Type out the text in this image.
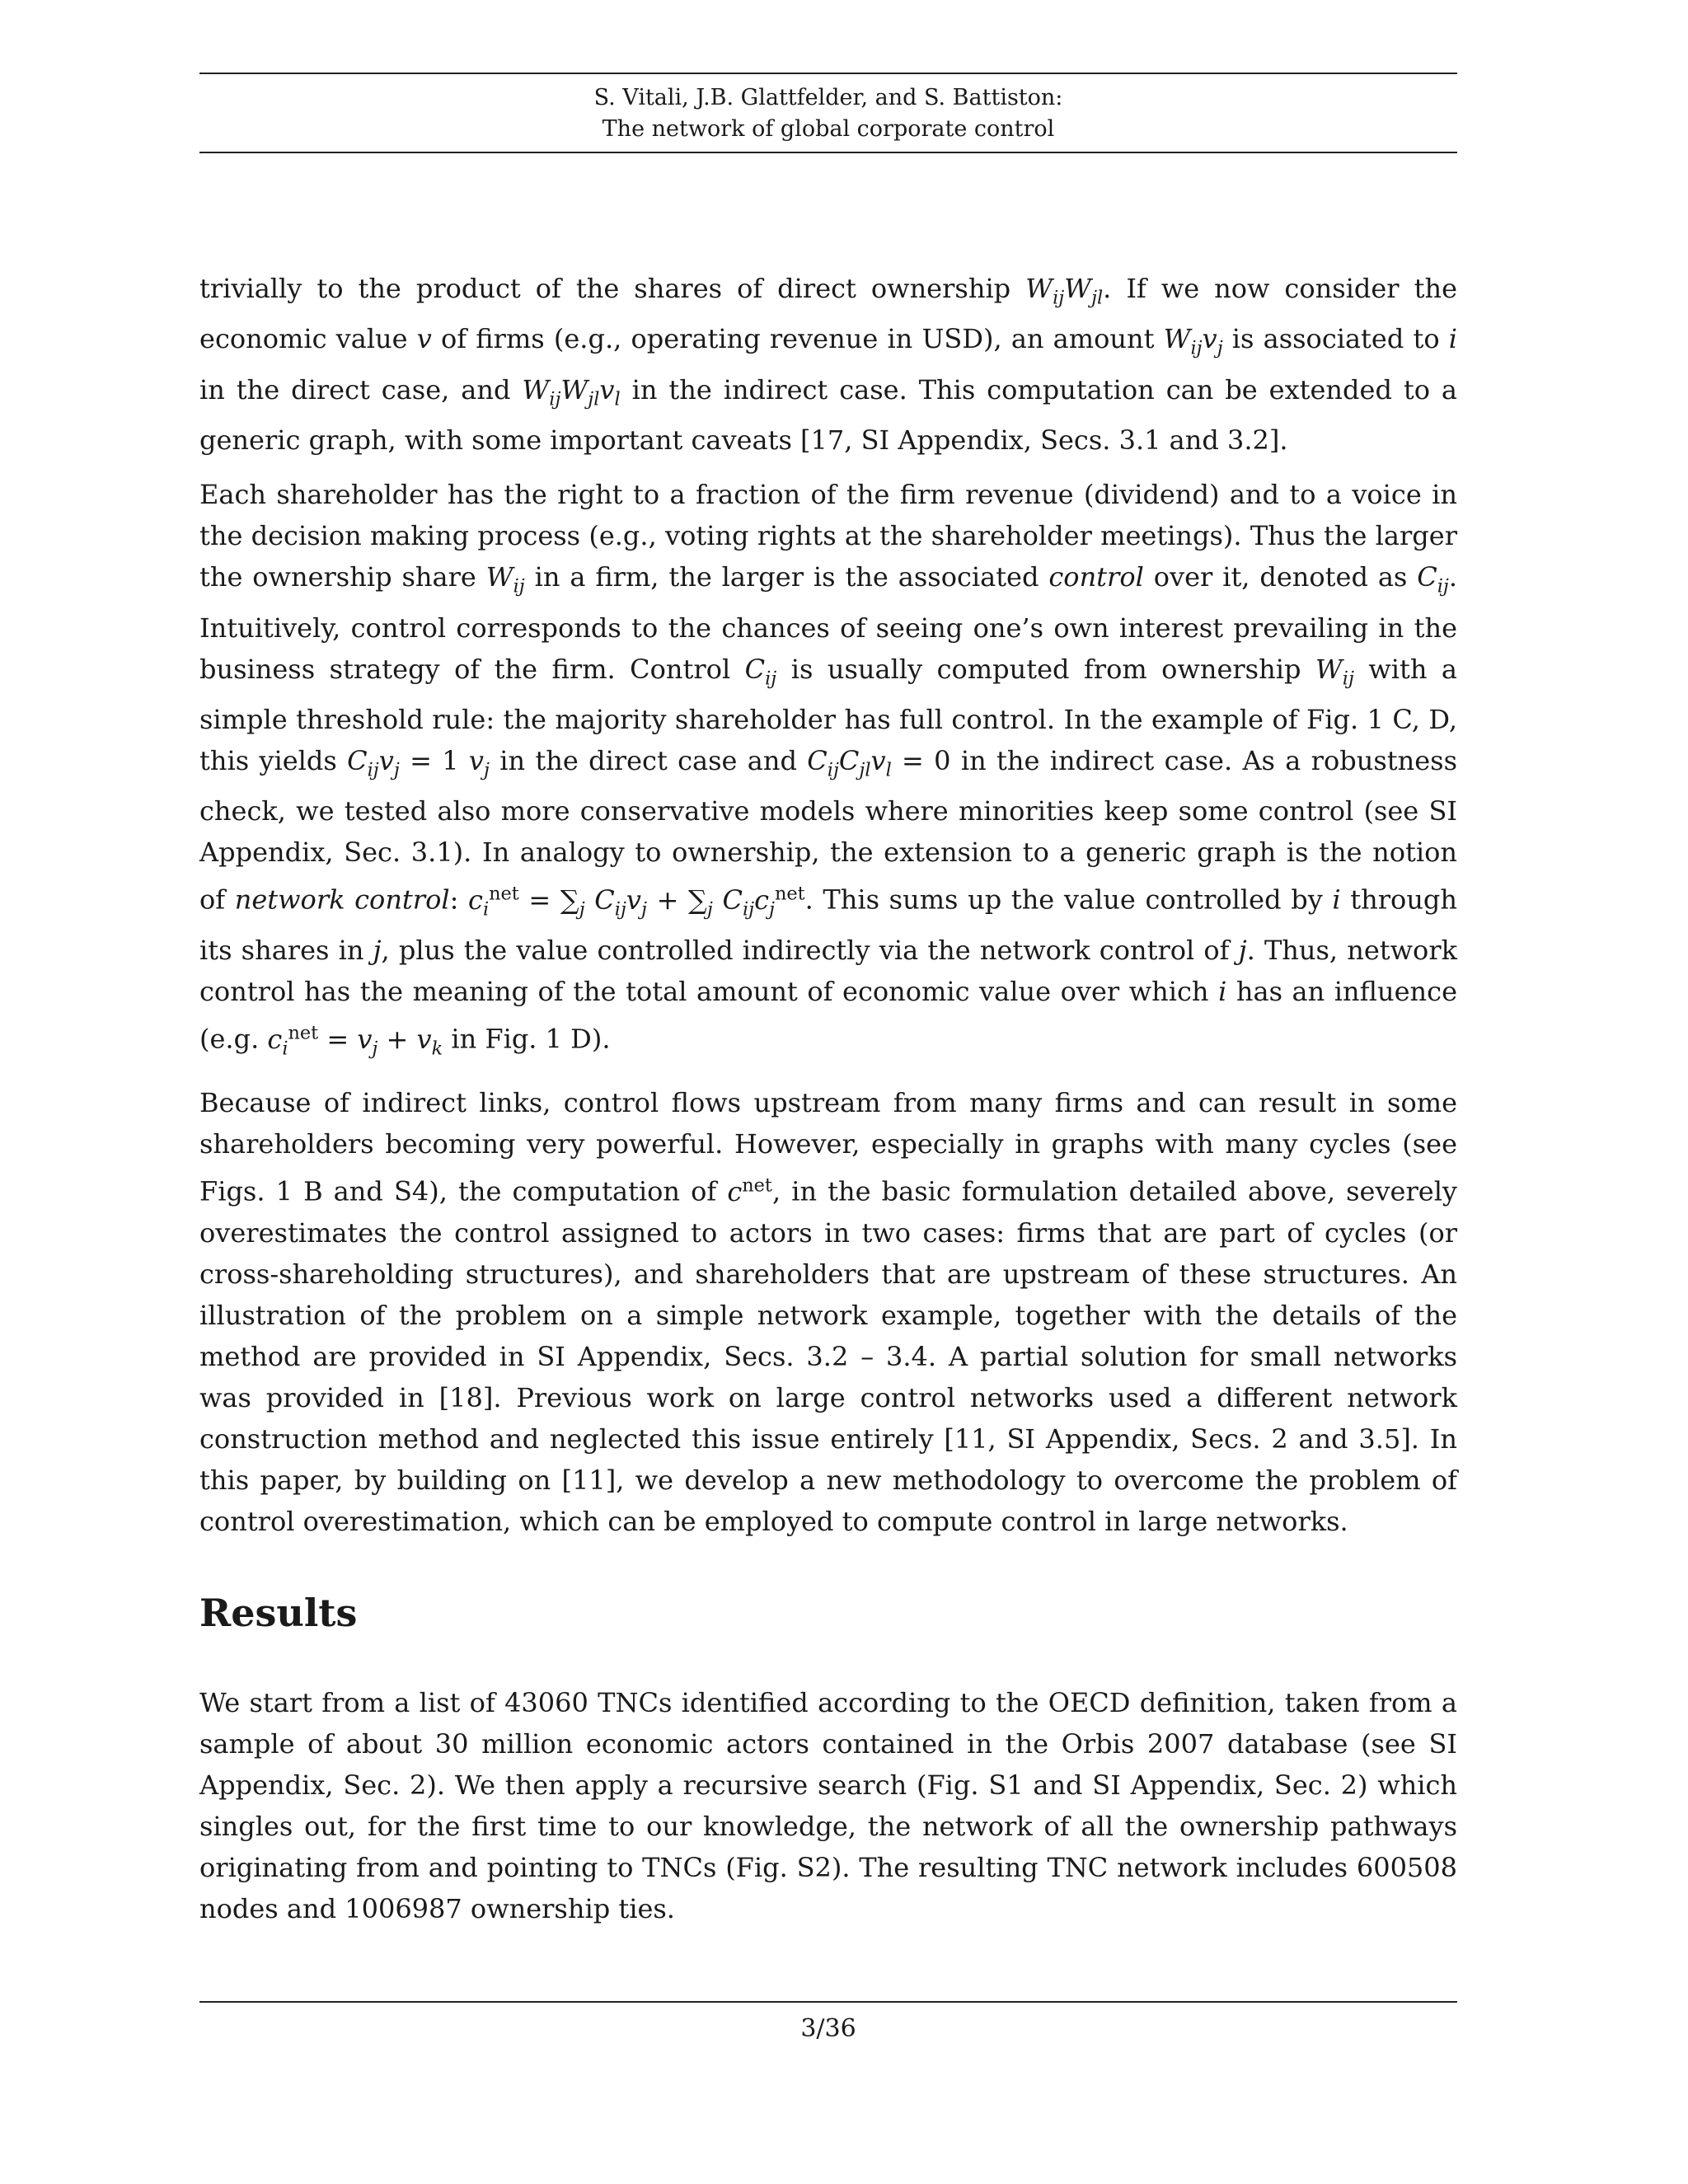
S. Vitali, J.B. Glattfelder, and S. Battiston:
The network of global corporate control

trivially to the product of the shares of direct ownership $W_{ij}W_{jl}$. If we now consider the economic value v of firms (e.g., operating revenue in USD), an amount $W_{ij}v_j$ is associated to i in the direct case, and $W_{ij}W_{jl}v_l$ in the indirect case. This computation can be extended to a generic graph, with some important caveats [17, SI Appendix, Secs. 3.1 and 3.2].

Each shareholder has the right to a fraction of the firm revenue (dividend) and to a voice in the decision making process (e.g., voting rights at the shareholder meetings). Thus the larger the ownership share $W_{ij}$ in a firm, the larger is the associated control over it, denoted as $C_{ij}$. Intuitively, control corresponds to the chances of seeing one’s own interest prevailing in the business strategy of the firm. Control $C_{ij}$ is usually computed from ownership $W_{ij}$ with a simple threshold rule: the majority shareholder has full control. In the example of Fig. 1 C, D, this yields $C_{ij}v_j = 1$ $v_j$ in the direct case and $C_{ij}C_{jl}v_l = 0$ in the indirect case. As a robustness check, we tested also more conservative models where minorities keep some control (see SI Appendix, Sec. 3.1). In analogy to ownership, the extension to a generic graph is the notion of network control: $c_i^{net} = \sum_j$ $C_{ij}v_j + \sum_j$ $C_{ij}c_j^{net}$. This sums up the value controlled by i through its shares in j, plus the value controlled indirectly via the network control of j. Thus, network control has the meaning of the total amount of economic value over which i has an influence (e.g. $c_i^{net} = v_j + v_k$ in Fig. 1 D).

Because of indirect links, control flows upstream from many firms and can result in some shareholders becoming very powerful. However, especially in graphs with many cycles (see Figs. 1 B and S4), the computation of $c^{net}$, in the basic formulation detailed above, severely overestimates the control assigned to actors in two cases: firms that are part of cycles (or cross-shareholding structures), and shareholders that are upstream of these structures. An illustration of the problem on a simple network example, together with the details of the method are provided in SI Appendix, Secs. 3.2 – 3.4. A partial solution for small networks was provided in [18]. Previous work on large control networks used a different network construction method and neglected this issue entirely [11, SI Appendix, Secs. 2 and 3.5]. In this paper, by building on [11], we develop a new methodology to overcome the problem of control overestimation, which can be employed to compute control in large networks.

Results

We start from a list of 43060 TNCs identified according to the OECD definition, taken from a sample of about 30 million economic actors contained in the Orbis 2007 database (see SI Appendix, Sec. 2). We then apply a recursive search (Fig. S1 and SI Appendix, Sec. 2) which singles out, for the first time to our knowledge, the network of all the ownership pathways originating from and pointing to TNCs (Fig. S2). The resulting TNC network includes 600508 nodes and 1006987 ownership ties.

3/36
